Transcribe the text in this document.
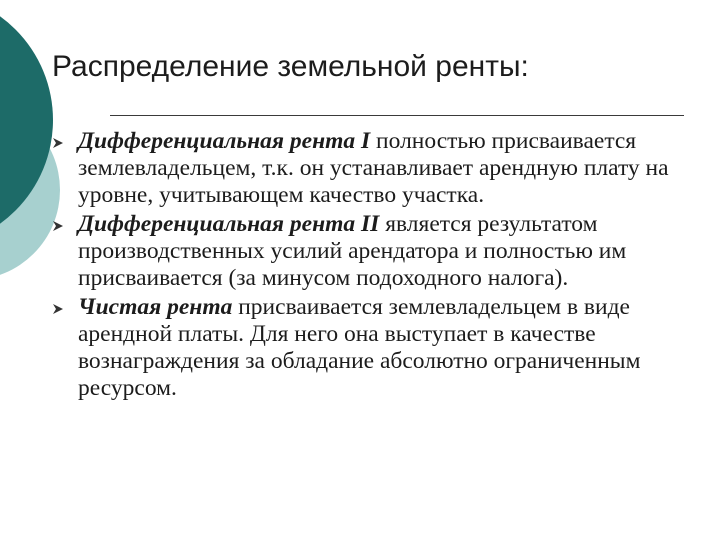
Распределение земельной ренты:
Дифференциальная рента I полностью присваивается землевладельцем, т.к. он устанавливает арендную плату на уровне, учитывающем качество участка.
Дифференциальная рента II является результатом производственных усилий арендатора и полностью им присваивается (за минусом подоходного налога).
Чистая рента присваивается землевладельцем в виде арендной платы. Для него она выступает в качестве вознаграждения за обладание абсолютно ограниченным ресурсом.
